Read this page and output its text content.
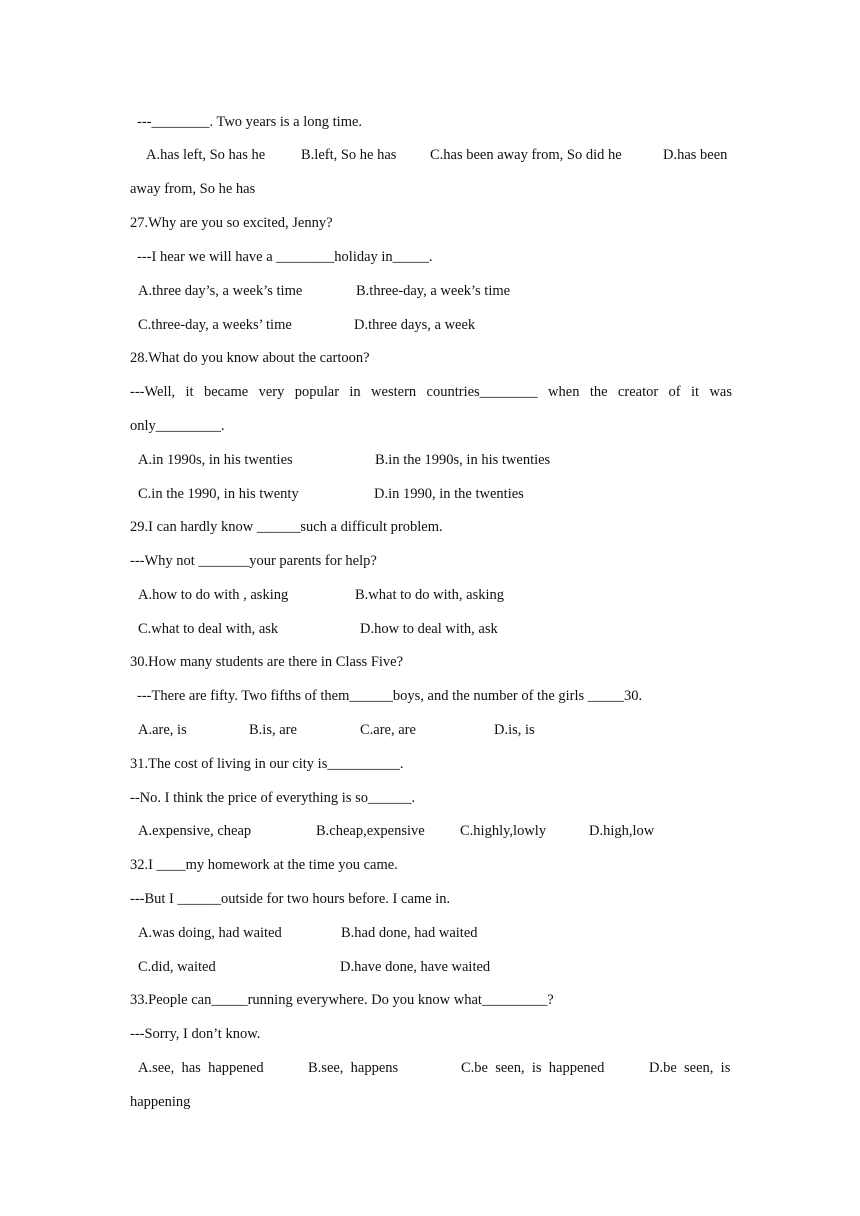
---________. Two years is a long time.

A.has left, So has he

B.left, So he has

C.has been away from, So did he

	D.has been

away from, So he has
27.Why are you so excited, Jenny?
---I hear we will have a ________holiday in_____.

A.three day’s, a week’s time

	B.three-day, a week’s time

C.three-day, a weeks’ time

	D.three days, a week

28.What do you know about the cartoon?
---Well, it became very popular in western countries________ when the creator of it was
only_________.

A.in 1990s, in his twenties

	B.in the 1990s, in his twenties

C.in the 1990, in his twenty

	D.in 1990, in the twenties

29.I can hardly know ______such a difficult problem.
---Why not _______your parents for help?

A.how to do with , asking

	B.what to do with, asking

C.what to deal with, ask

	D.how to deal with, ask

30.How many students are there in Class Five?
---There are fifty. Two fifths of them______boys, and the number of the girls _____30.

A.are, is

	B.is, are

	C.are, are

	D.is, is

31.The cost of living in our city is__________.
--No. I think the price of everything is so______.

A.expensive, cheap

	B.cheap,expensive

C.highly,lowly

	D.high,low

32.I ____my homework at the time you came.
---But I ______outside for two hours before. I came in.

A.was doing, had waited

	B.had done, had waited

C.did, waited

	D.have done, have waited

33.People can_____running everywhere. Do you know what_________?
---Sorry, I don’t know.

A.see,  has  happened

	B.see,  happens

	C.be  seen,  is  happened

	D.be  seen,  is

happening
